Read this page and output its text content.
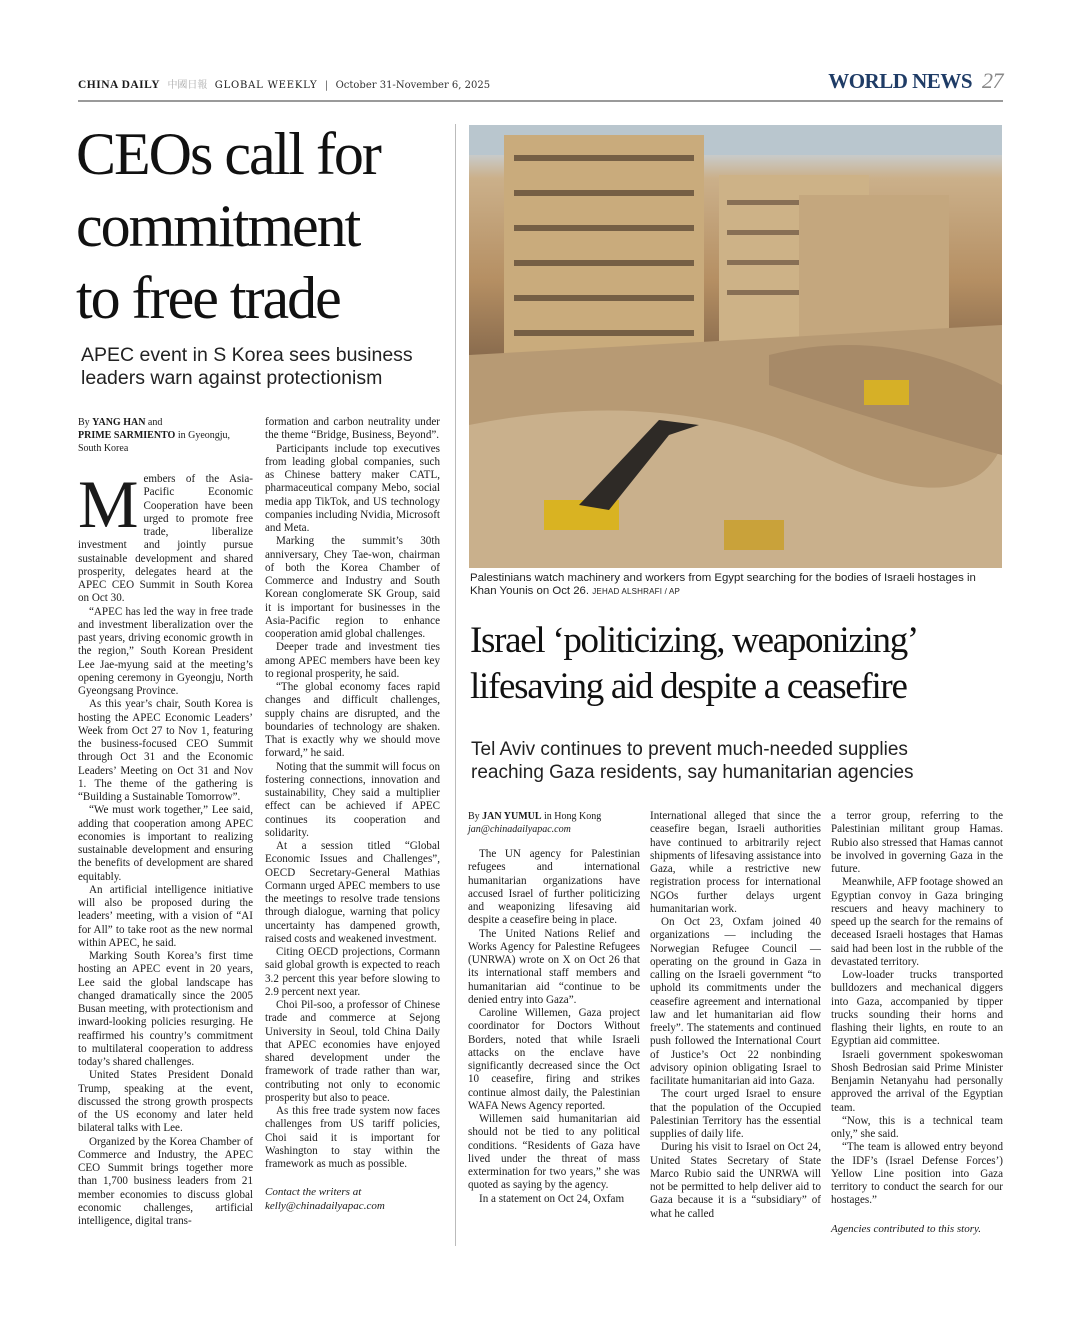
CHINA DAILY 中國日報 GLOBAL WEEKLY | October 31-November 6, 2025	WORLD NEWS 27
CEOs call for
commitment
to free trade
APEC event in S Korea sees business
leaders warn against protectionism
By YANG HAN and
PRIME SARMIENTO in Gyeongju, South Korea
M embers of the Asia-Pacific Economic Cooperation have been urged to promote free trade, liberalize investment and jointly pursue sustainable development and shared prosperity, delegates heard at the APEC CEO Summit in South Korea on Oct 30.

“APEC has led the way in free trade and investment liberalization over the past years, driving economic growth in the region,” South Korean President Lee Jae-myung said at the meeting’s opening ceremony in Gyeongju, North Gyeongsang Province.

As this year’s chair, South Korea is hosting the APEC Economic Leaders’ Week from Oct 27 to Nov 1, featuring the business-focused CEO Summit through Oct 31 and the Economic Leaders’ Meeting on Oct 31 and Nov 1. The theme of the gathering is “Building a Sustainable Tomorrow”.

“We must work together,” Lee said, adding that cooperation among APEC economies is important to realizing sustainable development and ensuring the benefits of development are shared equitably.

An artificial intelligence initiative will also be proposed during the leaders’ meeting, with a vision of “AI for All” to take root as the new normal within APEC, he said.

Marking South Korea’s first time hosting an APEC event in 20 years, Lee said the global landscape has changed dramatically since the 2005 Busan meeting, with protectionism and inward-looking policies resurging. He reaffirmed his country’s commitment to multilateral cooperation to address today’s shared challenges.

United States President Donald Trump, speaking at the event, discussed the strong growth prospects of the US economy and later held bilateral talks with Lee.

Organized by the Korea Chamber of Commerce and Industry, the APEC CEO Summit brings together more than 1,700 business leaders from 21 member economies to discuss global economic challenges, artificial intelligence, digital trans-

formation and carbon neutrality under the theme “Bridge, Business, Beyond”.

Participants include top executives from leading global companies, such as Chinese battery maker CATL, pharmaceutical company Mebo, social media app TikTok, and US technology companies including Nvidia, Microsoft and Meta.

Marking the summit’s 30th anniversary, Chey Tae-won, chairman of both the Korea Chamber of Commerce and Industry and South Korean conglomerate SK Group, said it is important for businesses in the Asia-Pacific region to enhance cooperation amid global challenges.

Deeper trade and investment ties among APEC members have been key to regional prosperity, he said.

“The global economy faces rapid changes and difficult challenges, supply chains are disrupted, and the boundaries of technology are shaken. That is exactly why we should move forward,” he said.

Noting that the summit will focus on fostering connections, innovation and sustainability, Chey said a multiplier effect can be achieved if APEC continues its cooperation and solidarity.

At a session titled “Global Economic Issues and Challenges”, OECD Secretary-General Mathias Cormann urged APEC members to use the meetings to resolve trade tensions through dialogue, warning that policy uncertainty has dampened growth, raised costs and weakened investment.

Citing OECD projections, Cormann said global growth is expected to reach 3.2 percent this year before slowing to 2.9 percent next year.

Choi Pil-soo, a professor of Chinese trade and commerce at Sejong University in Seoul, told China Daily that APEC economies have enjoyed shared development under the framework of trade rather than war, contributing not only to economic prosperity but also to peace.

As this free trade system now faces challenges from US tariff policies, Choi said it is important for Washington to stay within the framework as much as possible.

Contact the writers at
kelly@chinadailyapac.com
Palestinians watch machinery and workers from Egypt searching for the bodies of Israeli hostages in Khan Younis on Oct 26. JEHAD ALSHRAFI / AP
Israel ‘politicizing, weaponizing’
lifesaving aid despite a ceasefire
Tel Aviv continues to prevent much-needed supplies
reaching Gaza residents, say humanitarian agencies
By JAN YUMUL in Hong Kong
jan@chinadailyapac.com

The UN agency for Palestinian refugees and international humanitarian organizations have accused Israel of further politicizing and weaponizing lifesaving aid despite a ceasefire being in place.

The United Nations Relief and Works Agency for Palestine Refugees (UNRWA) wrote on X on Oct 26 that its international staff members and humanitarian aid “continue to be denied entry into Gaza”.

Caroline Willemen, Gaza project coordinator for Doctors Without Borders, noted that while Israeli attacks on the enclave have significantly decreased since the Oct 10 ceasefire, firing and strikes continue almost daily, the Palestinian WAFA News Agency reported.

Willemen said humanitarian aid should not be tied to any political conditions. “Residents of Gaza have lived under the threat of mass extermination for two years,” she was quoted as saying by the agency.

In a statement on Oct 24, Oxfam

International alleged that since the ceasefire began, Israeli authorities have continued to arbitrarily reject shipments of lifesaving assistance into Gaza, while a restrictive new registration process for international NGOs further delays urgent humanitarian work.

On Oct 23, Oxfam joined 40 organizations — including the Norwegian Refugee Council — operating on the ground in Gaza in calling on the Israeli government “to uphold its commitments under the ceasefire agreement and international law and let humanitarian aid flow freely”. The statements and continued push followed the International Court of Justice’s Oct 22 nonbinding advisory opinion obligating Israel to facilitate humanitarian aid into Gaza.

The court urged Israel to ensure that the population of the Occupied Palestinian Territory has the essential supplies of daily life.

During his visit to Israel on Oct 24, United States Secretary of State Marco Rubio said the UNRWA will not be permitted to help deliver aid to Gaza because it is a “subsidiary” of what he called

a terror group, referring to the Palestinian militant group Hamas. Rubio also stressed that Hamas cannot be involved in governing Gaza in the future.

Meanwhile, AFP footage showed an Egyptian convoy in Gaza bringing rescuers and heavy machinery to speed up the search for the remains of deceased Israeli hostages that Hamas said had been lost in the rubble of the devastated territory.

Low-loader trucks transported bulldozers and mechanical diggers into Gaza, accompanied by tipper trucks sounding their horns and flashing their lights, en route to an Egyptian aid committee.

Israeli government spokeswoman Shosh Bedrosian said Prime Minister Benjamin Netanyahu had personally approved the arrival of the Egyptian team.

“Now, this is a technical team only,” she said.

“The team is allowed entry beyond the IDF’s (Israel Defense Forces’) Yellow Line position into Gaza territory to conduct the search for our hostages.”

Agencies contributed to this story.
